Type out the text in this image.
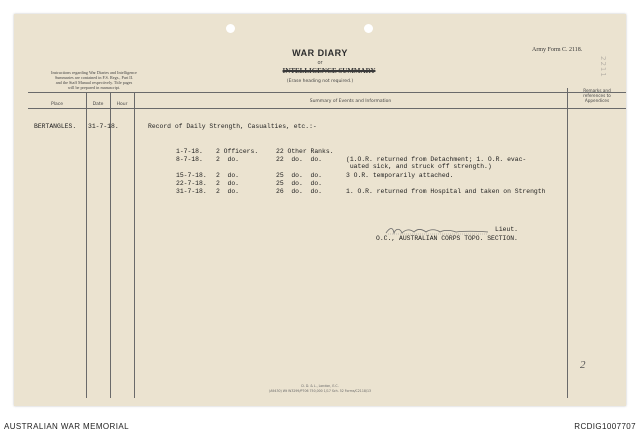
WAR DIARY
or
INTELLIGENCE SUMMARY
(Erase heading not required.)
Army Form C. 2118.
2211
Instructions regarding War Diaries and Intelligence
Summaries are contained in F.S. Regs., Part II.
and the Staff Manual respectively. Title pages
will be prepared in manuscript.
Place	Date	Hour
Summary of Events and Information
Remarks and
references to
Appendices
BERTANGLES. 31-7-18.	Record of Daily Strength, Casualties, etc.:-
1-7-18. 2 Officers.	22 Other Ranks.
8-7-18. 2  do.	22  do.  do.	(1.O.R. returned from Detachment; 1. O.R. evac-
uated sick, and struck off strength.)
15-7-18. 2  do.	25  do.  do.	3 O.R. temporarily attached.
22-7-18. 2  do.	25  do.  do.
31-7-18. 2  do.	26  do.  do.	1. O.R. returned from Hospital and taken on Strength
Lieut.
O.C., AUSTRALIAN CORPS TOPO. SECTION.
D. D. & L., London, E.C.
(A9430) Wt W3299/P706 750,000 1/17 Sch. 52 Forms/C2118/13
2
AUSTRALIAN WAR MEMORIAL	RCDIG1007707
